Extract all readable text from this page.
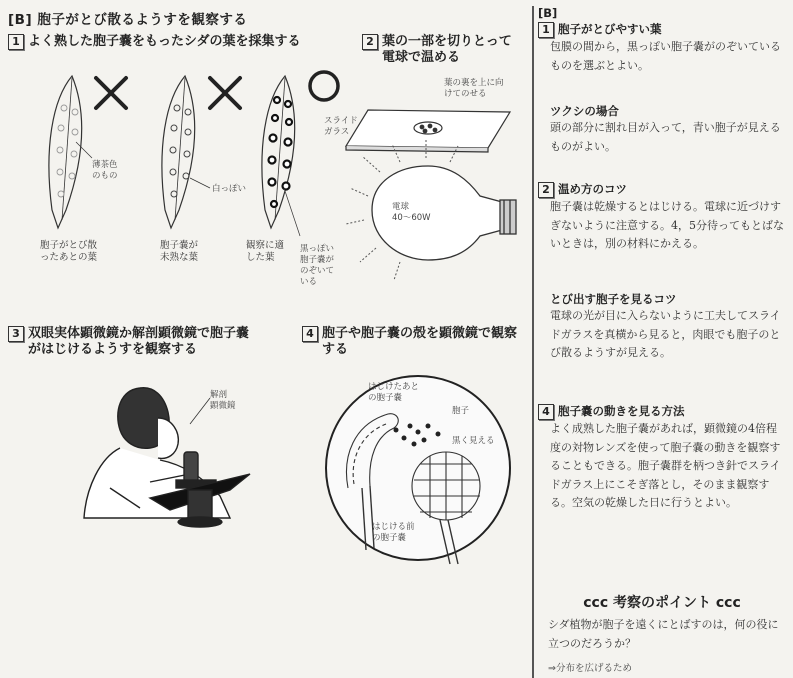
[B] 胞子がとび散るようすを観察する
1 よく熟した胞子嚢をもったシダの葉を採集する
薄茶色
のもの
白っぽい
黒っぽい
胞子嚢が
のぞいて
いる
胞子がとび散
ったあとの葉
胞子嚢が
未熟な葉
観察に適
した葉
2 葉の一部を切りとって
電球で温める
葉の裏を上に向
けてのせる
スライド
ガラス
電球
40〜60W
3 双眼実体顕微鏡か解剖顕微鏡で胞子嚢
がはじけるようすを観察する
解剖
顕微鏡
4 胞子や胞子嚢の殻を顕微鏡で観察
する
はじけたあと
の胞子嚢
胞子
黒く見える
はじける前
の胞子嚢
[B]
1 胞子がとびやすい葉

包膜の間から，黒っぽい胞子嚢がのぞいているものを選ぶとよい。

ツクシの場合

頭の部分に割れ目が入って，青い胞子が見えるものがよい。

2 温め方のコツ

胞子嚢は乾燥するとはじける。電球に近づけすぎないように注意する。4，5分待ってもとばないときは，別の材料にかえる。

とび出す胞子を見るコツ

電球の光が目に入らないように工夫してスライドガラスを真横から見ると，肉眼でも胞子のとび散るようすが見える。

4 胞子嚢の動きを見る方法

よく成熟した胞子嚢があれば，顕微鏡の4倍程度の対物レンズを使って胞子嚢の動きを観察することもできる。胞子嚢群を柄つき針でスライドガラス上にこそぎ落とし，そのまま観察する。空気の乾燥した日に行うとよい。

ⅽⅽⅽ 考察のポイント ⅽⅽⅽ
シダ植物が胞子を遠くにとばすのは，何の役に立つのだろうか？
⇒分布を広げるため
